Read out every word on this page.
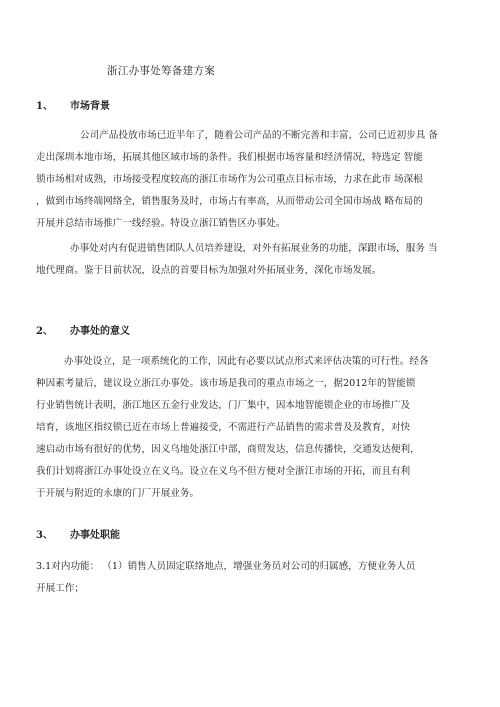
浙江办事处筹备建方案
1、 市场背景
公司产品投放市场已近半年了，随着公司产品的不断完善和丰富，公司已近初步具 备
走出深圳本地市场，拓展其他区域市场的条件。我们根据市场容量和经济情况，特选定 智能
锁市场相对成熟，市场接受程度较高的浙江市场作为公司重点目标市场，力求在此市 场深根
，做到市场终端网络全，销售服务及时，市场占有率高，从而带动公司全国市场战 略布局的
开展并总结市场推广一线经验。特设立浙江销售区办事处。
办事处对内有促进销售团队人员培养建设，对外有拓展业务的功能，深跟市场，服务 当
地代理商。鉴于目前状况，设点的首要目标为加强对外拓展业务，深化市场发展。
2、 办事处的意义
办事处设立，是一项系统化的工作，因此有必要以试点形式来评估决策的可行性。经各
种因素考量后，建议设立浙江办事处。该市场是我司的重点市场之一，据2012年的智能锁
行业销售统计表明，浙江地区五金行业发达，门厂集中，因本地智能锁企业的市场推广及
培育，该地区指纹锁已近在市场上普遍接受，不需进行产品销售的需求普及及教育，对快
速启动市场有很好的优势，因义乌地处浙江中部，商贸发达，信息传播快，交通发达便利，
我们计划将浙江办事处设立在义乌。设立在义乌不但方便对全浙江市场的开拓，而且有利
于开展与附近的永康的门厂开展业务。
3、 办事处职能
3.1对内功能： （1）销售人员固定联络地点，增强业务员对公司的归属感，方便业务人员
开展工作；
